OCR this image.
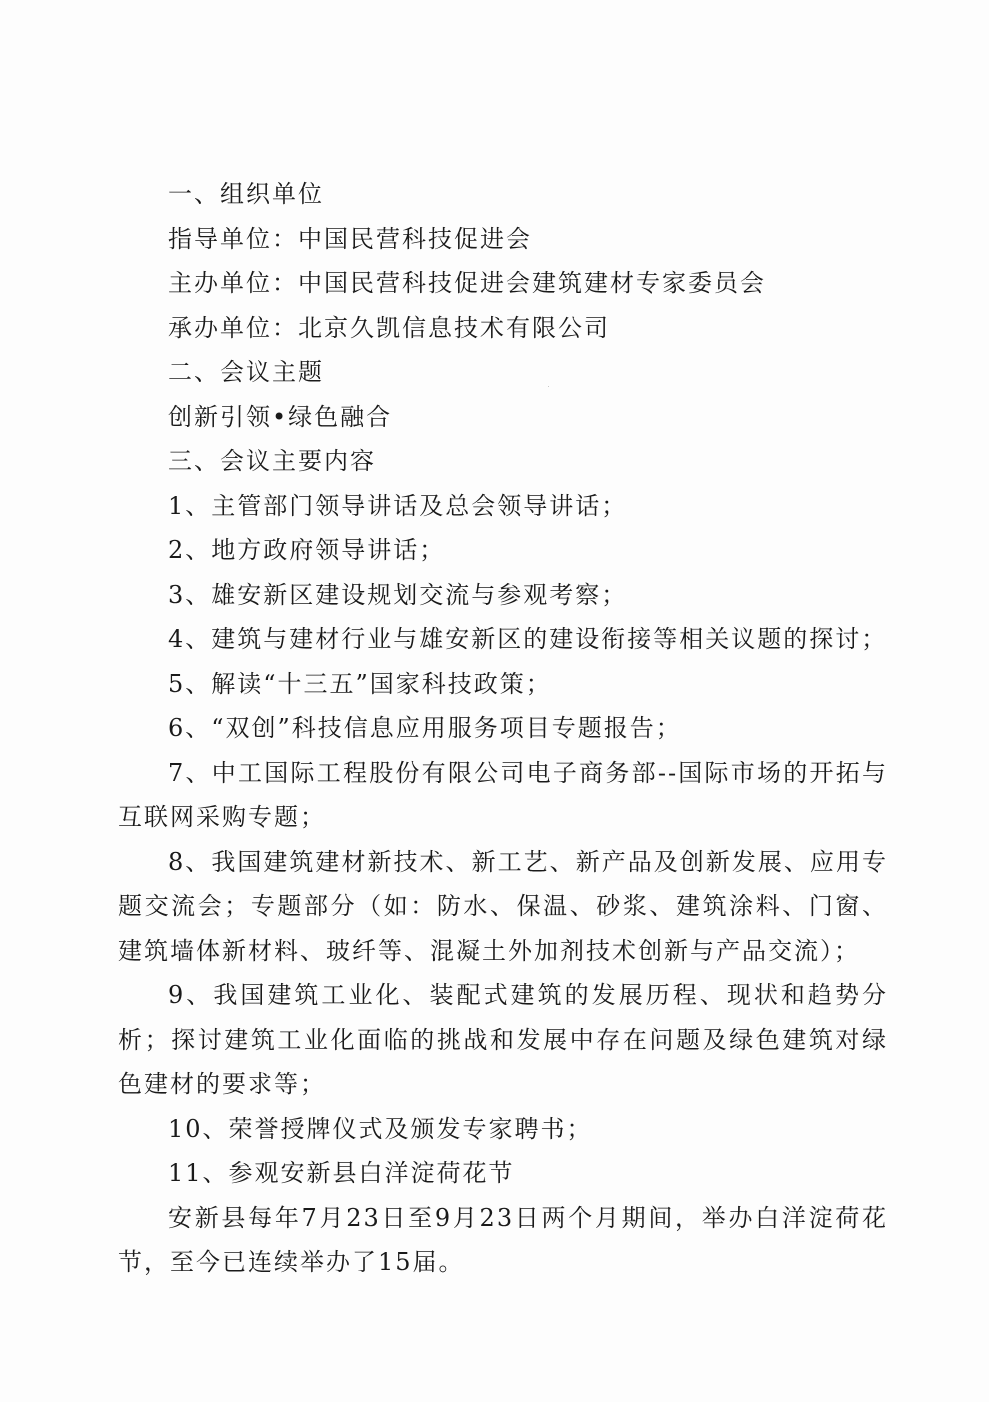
一、组织单位

指导单位：中国民营科技促进会

主办单位：中国民营科技促进会建筑建材专家委员会

承办单位：北京久凯信息技术有限公司

二、会议主题

创新引领•绿色融合

三、会议主要内容

1、主管部门领导讲话及总会领导讲话；

2、地方政府领导讲话；

3、雄安新区建设规划交流与参观考察；

4、建筑与建材行业与雄安新区的建设衔接等相关议题的探讨；

5、解读“十三五”国家科技政策；

6、“双创”科技信息应用服务项目专题报告；

7、中工国际工程股份有限公司电子商务部--国际市场的开拓与互联网采购专题；

8、我国建筑建材新技术、新工艺、新产品及创新发展、应用专题交流会；专题部分（如：防水、保温、砂浆、建筑涂料、门窗、建筑墙体新材料、玻纤等、混凝土外加剂技术创新与产品交流）；

9、我国建筑工业化、装配式建筑的发展历程、现状和趋势分析；探讨建筑工业化面临的挑战和发展中存在问题及绿色建筑对绿色建材的要求等；

10、荣誉授牌仪式及颁发专家聘书；

11、参观安新县白洋淀荷花节

安新县每年7月23日至9月23日两个月期间，举办白洋淀荷花节，至今已连续举办了15届。
